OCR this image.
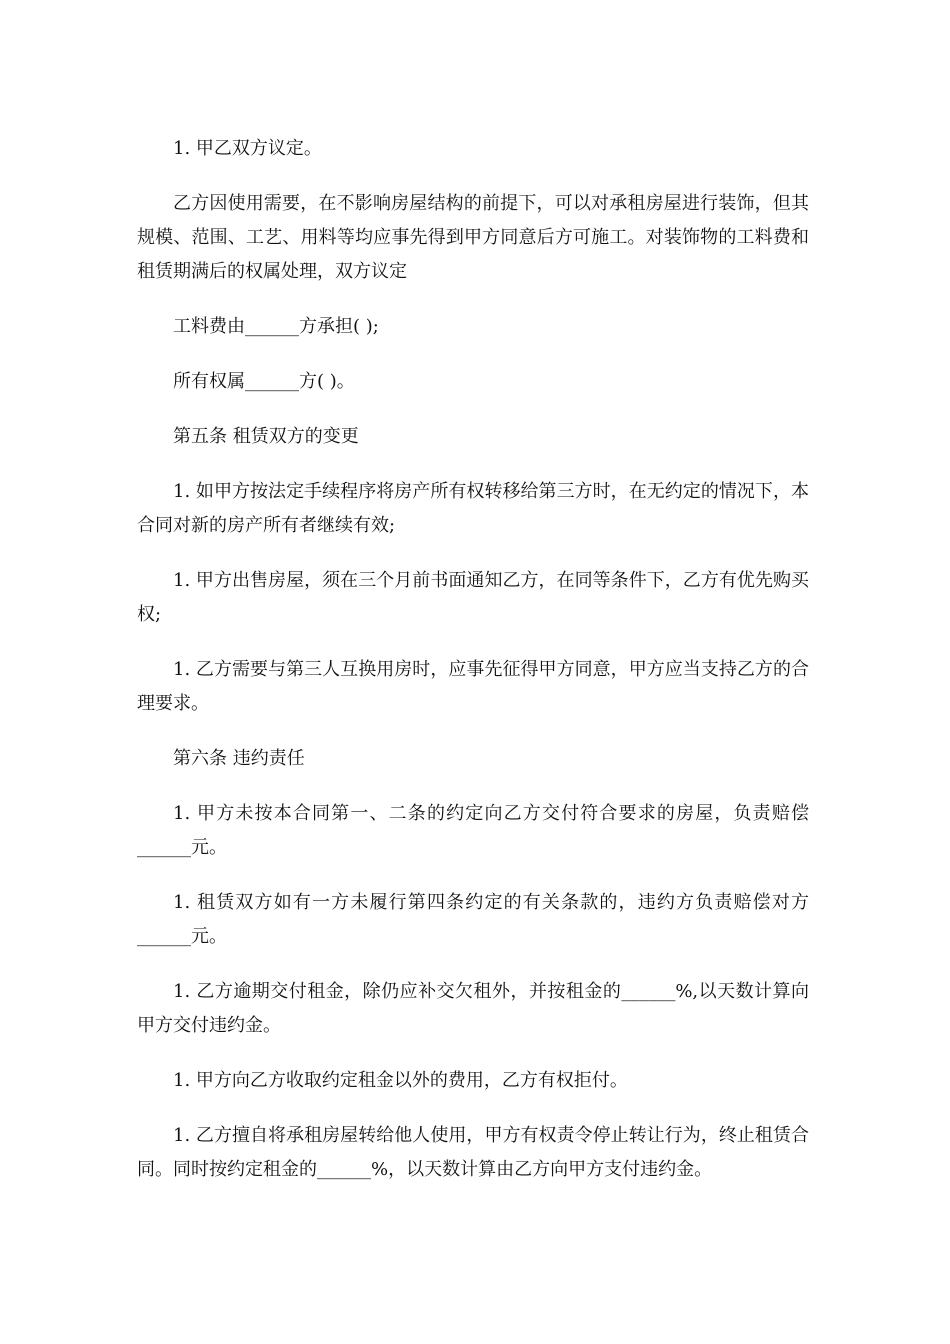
1. 甲乙双方议定。

乙方因使用需要，在不影响房屋结构的前提下，可以对承租房屋进行装饰，但其规模、范围、工艺、用料等均应事先得到甲方同意后方可施工。对装饰物的工料费和租赁期满后的权属处理，双方议定

工料费由______方承担( );

所有权属______方( )。

第五条 租赁双方的变更

1. 如甲方按法定手续程序将房产所有权转移给第三方时，在无约定的情况下，本合同对新的房产所有者继续有效;

1. 甲方出售房屋，须在三个月前书面通知乙方，在同等条件下，乙方有优先购买权;

1. 乙方需要与第三人互换用房时，应事先征得甲方同意，甲方应当支持乙方的合理要求。

第六条 违约责任

1. 甲方未按本合同第一、二条的约定向乙方交付符合要求的房屋，负责赔偿______元。

1. 租赁双方如有一方未履行第四条约定的有关条款的，违约方负责赔偿对方______元。

1. 乙方逾期交付租金，除仍应补交欠租外，并按租金的______%,以天数计算向甲方交付违约金。

1. 甲方向乙方收取约定租金以外的费用，乙方有权拒付。

1. 乙方擅自将承租房屋转给他人使用，甲方有权责令停止转让行为，终止租赁合同。同时按约定租金的______%，以天数计算由乙方向甲方支付违约金。
